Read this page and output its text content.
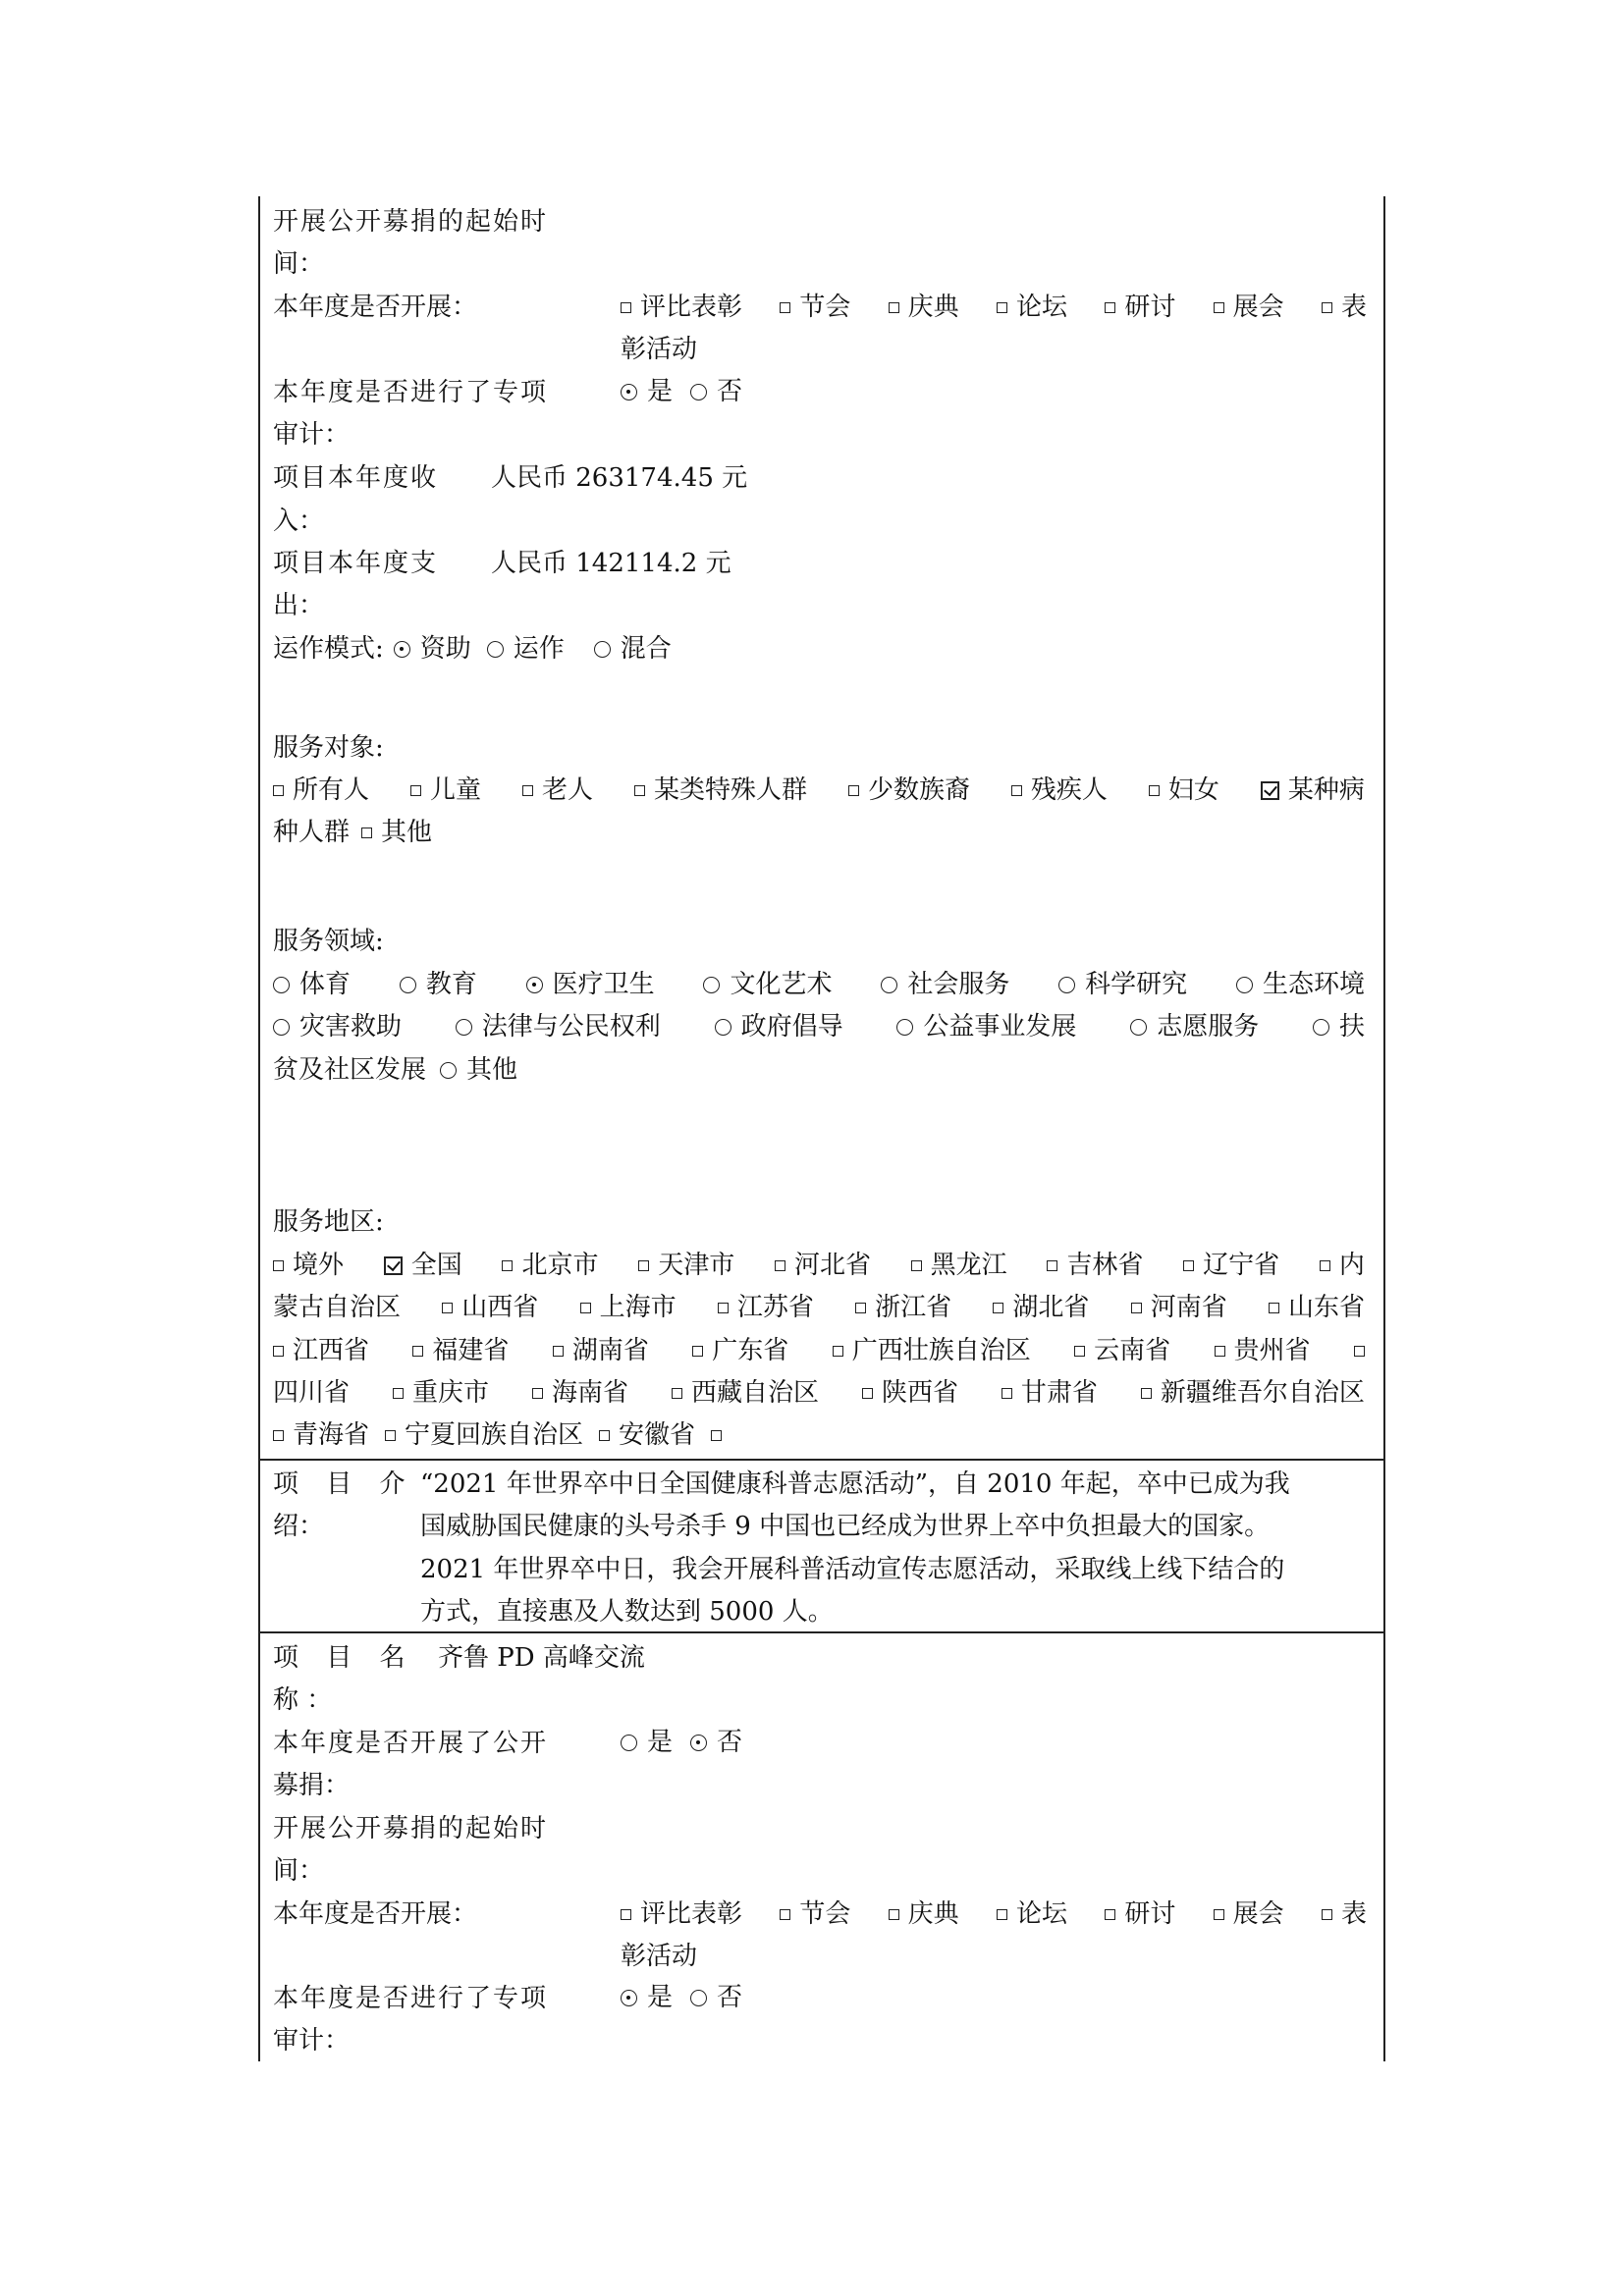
开展公开募捐的起始时
间：
本年度是否开展：	评比表彰 节会 庆典 论坛 研讨 展会 表
彰活动
本年度是否进行了专项	是 否
审计：
项目本年度收 人民币 263174.45 元
入：
项目本年度支 人民币 142114.2 元
出：
运作模式: 资助 运作 混合
服务对象:
所有人 儿童 老人 某类特殊人群 少数族裔 残疾人 妇女	某种病
种人群 其他
服务领域:
体育	教育	医疗卫生	文化艺术	社会服务	科学研究	生态环境
灾害救助	法律与公民权利	政府倡导	公益事业发展	志愿服务	扶
贫及社区发展 其他
服务地区:
境外	全国 北京市 天津市 河北省 黑龙江 吉林省 辽宁省 内
蒙古自治区 山西省 上海市 江苏省 浙江省 湖北省 河南省 山东省
江西省 福建省 湖南省 广东省 广西壮族自治区 云南省 贵州省
四川省 重庆市 海南省 西藏自治区 陕西省 甘肃省 新疆维吾尔自治区
青海省 宁夏回族自治区 安徽省
项 目 介
绍：
“2021 年世界卒中日全国健康科普志愿活动”，自 2010 年起，卒中已成为我
国威胁国民健康的头号杀手 9 中国也已经成为世界上卒中负担最大的国家。
2021 年世界卒中日，我会开展科普活动宣传志愿活动，采取线上线下结合的
方式，直接惠及人数达到 5000 人。
项 目 名
称 ：
齐鲁 PD 高峰交流
本年度是否开展了公开	是 否
募捐：
开展公开募捐的起始时
间：
本年度是否开展：	评比表彰 节会 庆典 论坛 研讨 展会 表
彰活动
本年度是否进行了专项	是 否
审计：
